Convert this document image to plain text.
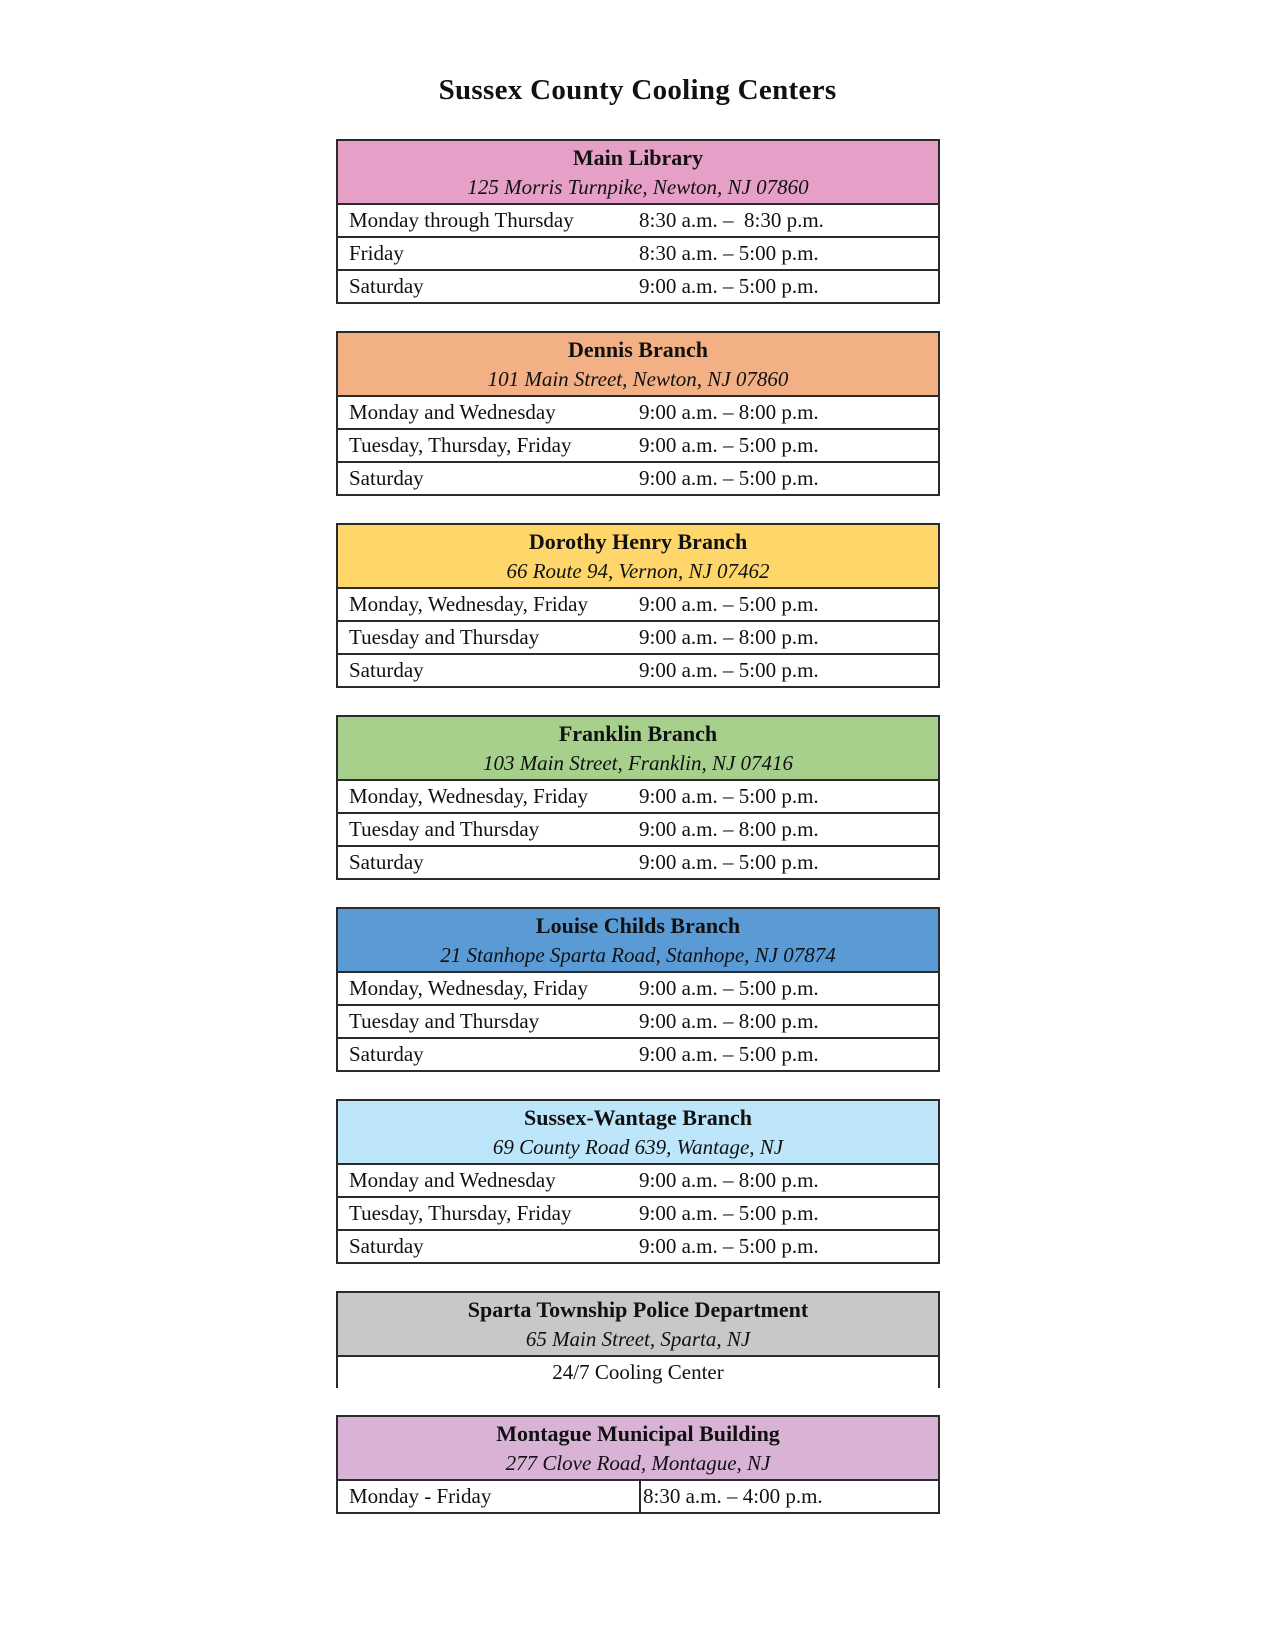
Sussex County Cooling Centers
Main Library
125 Morris Turnpike, Newton, NJ 07860
Monday through Thursday	8:30 a.m. –  8:30 p.m.
Friday	8:30 a.m. – 5:00 p.m.
Saturday	9:00 a.m. – 5:00 p.m.
Dennis Branch
101 Main Street, Newton, NJ 07860
Monday and Wednesday	9:00 a.m. – 8:00 p.m.
Tuesday, Thursday, Friday	9:00 a.m. – 5:00 p.m.
Saturday	9:00 a.m. – 5:00 p.m.
Dorothy Henry Branch
66 Route 94, Vernon, NJ 07462
Monday, Wednesday, Friday	9:00 a.m. – 5:00 p.m.
Tuesday and Thursday	9:00 a.m. – 8:00 p.m.
Saturday	9:00 a.m. – 5:00 p.m.
Franklin Branch
103 Main Street, Franklin, NJ 07416
Monday, Wednesday, Friday	9:00 a.m. – 5:00 p.m.
Tuesday and Thursday	9:00 a.m. – 8:00 p.m.
Saturday	9:00 a.m. – 5:00 p.m.
Louise Childs Branch
21 Stanhope Sparta Road, Stanhope, NJ 07874
Monday, Wednesday, Friday	9:00 a.m. – 5:00 p.m.
Tuesday and Thursday	9:00 a.m. – 8:00 p.m.
Saturday	9:00 a.m. – 5:00 p.m.
Sussex-Wantage Branch
69 County Road 639, Wantage, NJ
Monday and Wednesday	9:00 a.m. – 8:00 p.m.
Tuesday, Thursday, Friday	9:00 a.m. – 5:00 p.m.
Saturday	9:00 a.m. – 5:00 p.m.
Sparta Township Police Department
65 Main Street, Sparta, NJ
24/7 Cooling Center
Montague Municipal Building
277 Clove Road, Montague, NJ
Monday - Friday	8:30 a.m. – 4:00 p.m.
